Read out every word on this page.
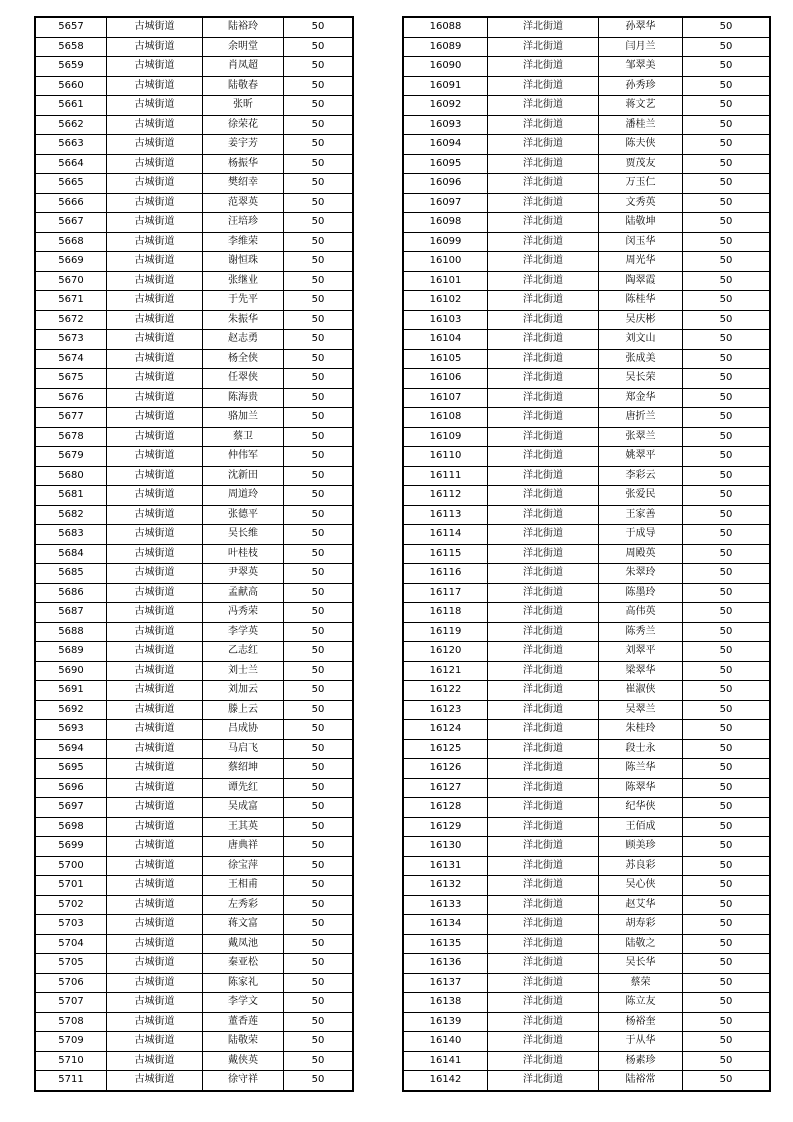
5657	古城街道	陆裕玲	50
5658	古城街道	余明堂	50
5659	古城街道	肖凤超	50
5660	古城街道	陆敬春	50
5661	古城街道	张昕	50
5662	古城街道	徐荣花	50
5663	古城街道	姜宇芳	50
5664	古城街道	杨振华	50
5665	古城街道	樊绍幸	50
5666	古城街道	范翠英	50
5667	古城街道	汪培珍	50
5668	古城街道	李维荣	50
5669	古城街道	谢恒珠	50
5670	古城街道	张继业	50
5671	古城街道	于先平	50
5672	古城街道	朱振华	50
5673	古城街道	赵志勇	50
5674	古城街道	杨全侠	50
5675	古城街道	任翠侠	50
5676	古城街道	陈海贵	50
5677	古城街道	骆加兰	50
5678	古城街道	蔡卫	50
5679	古城街道	仲伟军	50
5680	古城街道	沈新田	50
5681	古城街道	周道玲	50
5682	古城街道	张德平	50
5683	古城街道	吴长维	50
5684	古城街道	叶桂枝	50
5685	古城街道	尹翠英	50
5686	古城街道	孟献高	50
5687	古城街道	冯秀荣	50
5688	古城街道	李学英	50
5689	古城街道	乙志红	50
5690	古城街道	刘士兰	50
5691	古城街道	刘加云	50
5692	古城街道	滕上云	50
5693	古城街道	吕成协	50
5694	古城街道	马启飞	50
5695	古城街道	蔡绍坤	50
5696	古城街道	谭先红	50
5697	古城街道	吴成富	50
5698	古城街道	王其英	50
5699	古城街道	唐典祥	50
5700	古城街道	徐宝萍	50
5701	古城街道	王相甫	50
5702	古城街道	左秀彩	50
5703	古城街道	蒋文富	50
5704	古城街道	戴凤池	50
5705	古城街道	秦亚松	50
5706	古城街道	陈家礼	50
5707	古城街道	李学文	50
5708	古城街道	董香莲	50
5709	古城街道	陆敬荣	50
5710	古城街道	戴侠英	50
5711	古城街道	徐守祥	50
16088	洋北街道	孙翠华	50
16089	洋北街道	闫月兰	50
16090	洋北街道	邹翠美	50
16091	洋北街道	孙秀珍	50
16092	洋北街道	蒋文艺	50
16093	洋北街道	潘桂兰	50
16094	洋北街道	陈夫侠	50
16095	洋北街道	贾茂友	50
16096	洋北街道	万玉仁	50
16097	洋北街道	文秀英	50
16098	洋北街道	陆敬坤	50
16099	洋北街道	闵玉华	50
16100	洋北街道	周光华	50
16101	洋北街道	陶翠霞	50
16102	洋北街道	陈桂华	50
16103	洋北街道	吴庆彬	50
16104	洋北街道	刘文山	50
16105	洋北街道	张成美	50
16106	洋北街道	吴长荣	50
16107	洋北街道	郑金华	50
16108	洋北街道	唐折兰	50
16109	洋北街道	张翠兰	50
16110	洋北街道	姚翠平	50
16111	洋北街道	李彩云	50
16112	洋北街道	张爱民	50
16113	洋北街道	王家善	50
16114	洋北街道	于成导	50
16115	洋北街道	周殿英	50
16116	洋北街道	朱翠玲	50
16117	洋北街道	陈墨玲	50
16118	洋北街道	高伟英	50
16119	洋北街道	陈秀兰	50
16120	洋北街道	刘翠平	50
16121	洋北街道	梁翠华	50
16122	洋北街道	崔淑侠	50
16123	洋北街道	吴翠兰	50
16124	洋北街道	朱桂玲	50
16125	洋北街道	段士永	50
16126	洋北街道	陈兰华	50
16127	洋北街道	陈翠华	50
16128	洋北街道	纪华侠	50
16129	洋北街道	王佰成	50
16130	洋北街道	顾美珍	50
16131	洋北街道	苏良彩	50
16132	洋北街道	吴心侠	50
16133	洋北街道	赵艾华	50
16134	洋北街道	胡寿彩	50
16135	洋北街道	陆敬之	50
16136	洋北街道	吴长华	50
16137	洋北街道	蔡荣	50
16138	洋北街道	陈立友	50
16139	洋北街道	杨裕奎	50
16140	洋北街道	于从华	50
16141	洋北街道	杨素珍	50
16142	洋北街道	陆裕常	50
